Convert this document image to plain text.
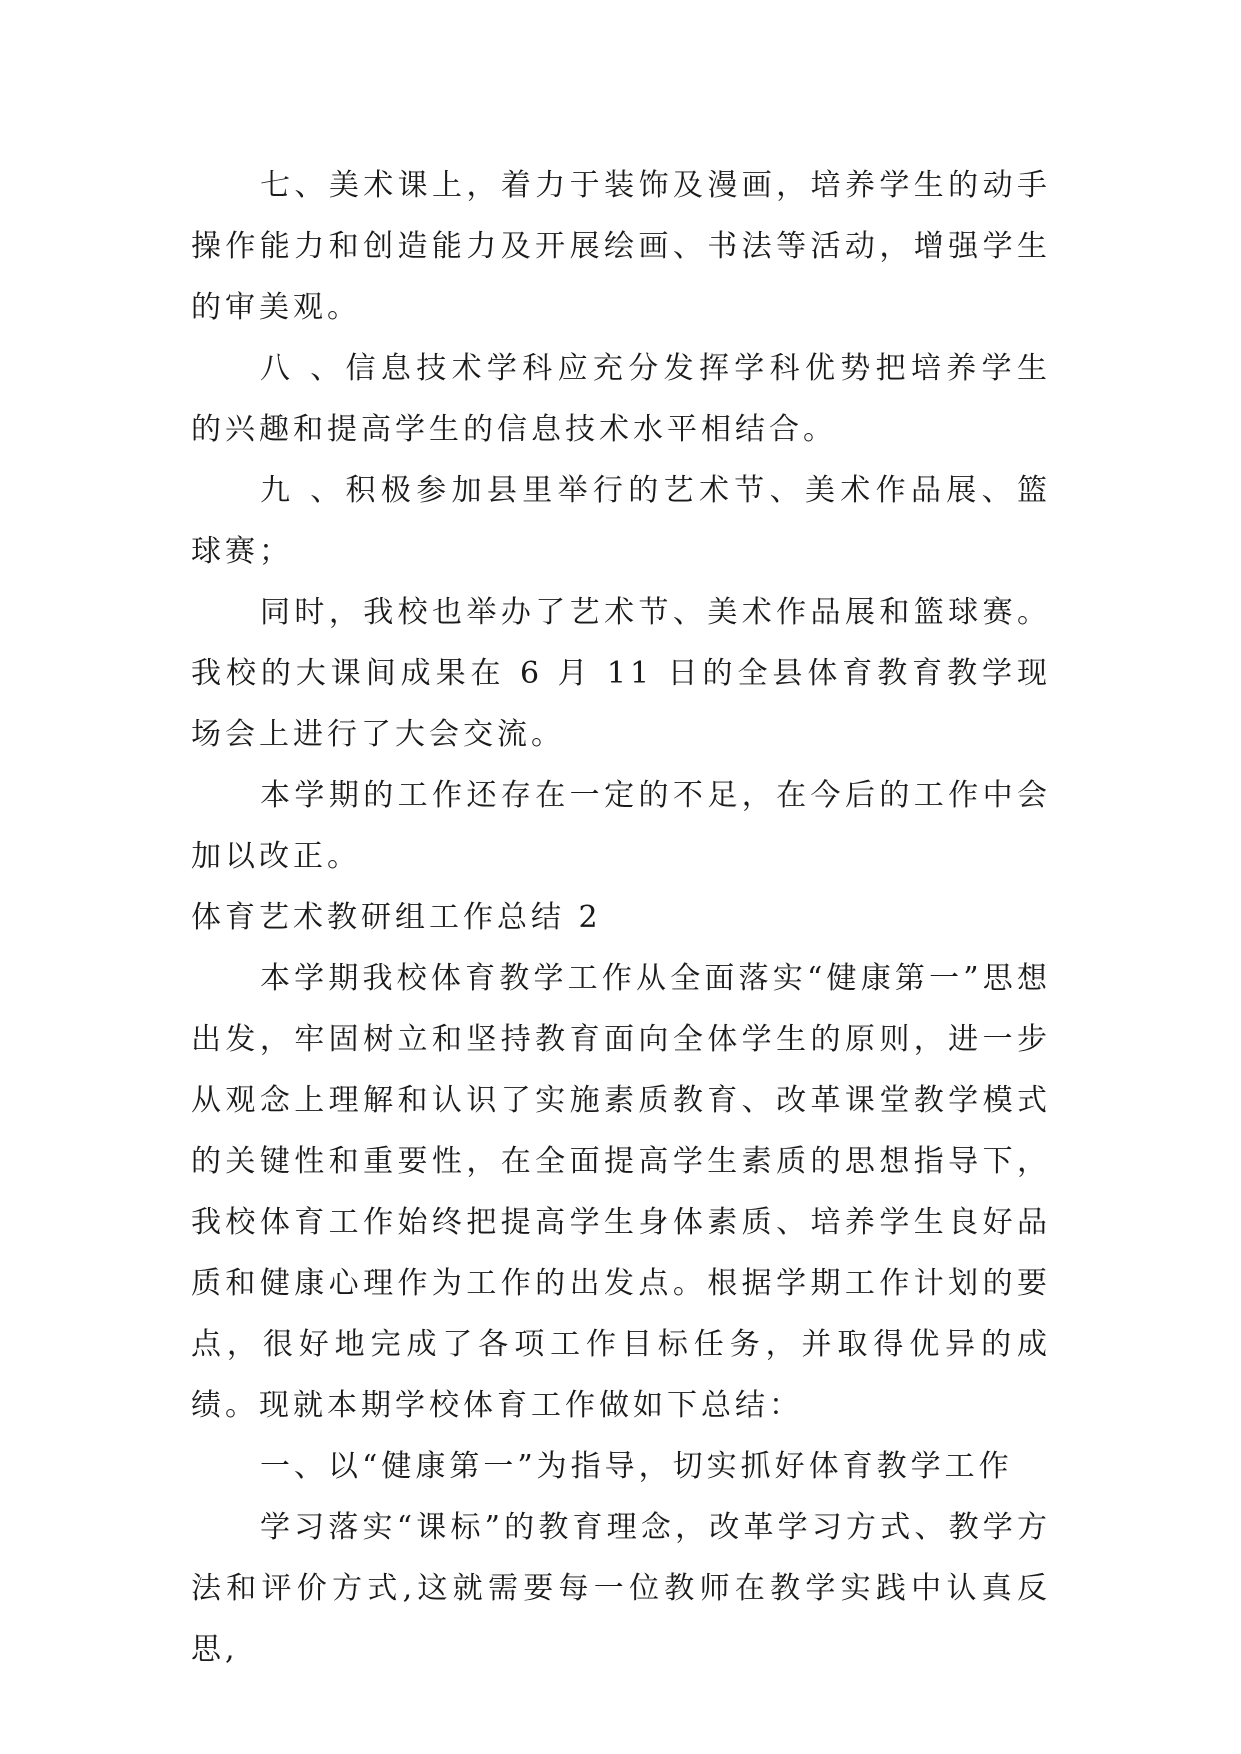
七、美术课上，着力于装饰及漫画，培养学生的动手操作能力和创造能力及开展绘画、书法等活动，增强学生的审美观。

八 、信息技术学科应充分发挥学科优势把培养学生的兴趣和提高学生的信息技术水平相结合。

九 、积极参加县里举行的艺术节、美术作品展、篮球赛；

同时，我校也举办了艺术节、美术作品展和篮球赛。我校的大课间成果在 6 月 11 日的全县体育教育教学现场会上进行了大会交流。

本学期的工作还存在一定的不足，在今后的工作中会加以改正。

体育艺术教研组工作总结 2

本学期我校体育教学工作从全面落实“健康第一”思想出发，牢固树立和坚持教育面向全体学生的原则，进一步从观念上理解和认识了实施素质教育、改革课堂教学模式的关键性和重要性，在全面提高学生素质的思想指导下，我校体育工作始终把提高学生身体素质、培养学生良好品质和健康心理作为工作的出发点。根据学期工作计划的要点，很好地完成了各项工作目标任务，并取得优异的成绩。现就本期学校体育工作做如下总结：

一、以“健康第一”为指导，切实抓好体育教学工作

学习落实“课标”的教育理念，改革学习方式、教学方法和评价方式,这就需要每一位教师在教学实践中认真反思,
